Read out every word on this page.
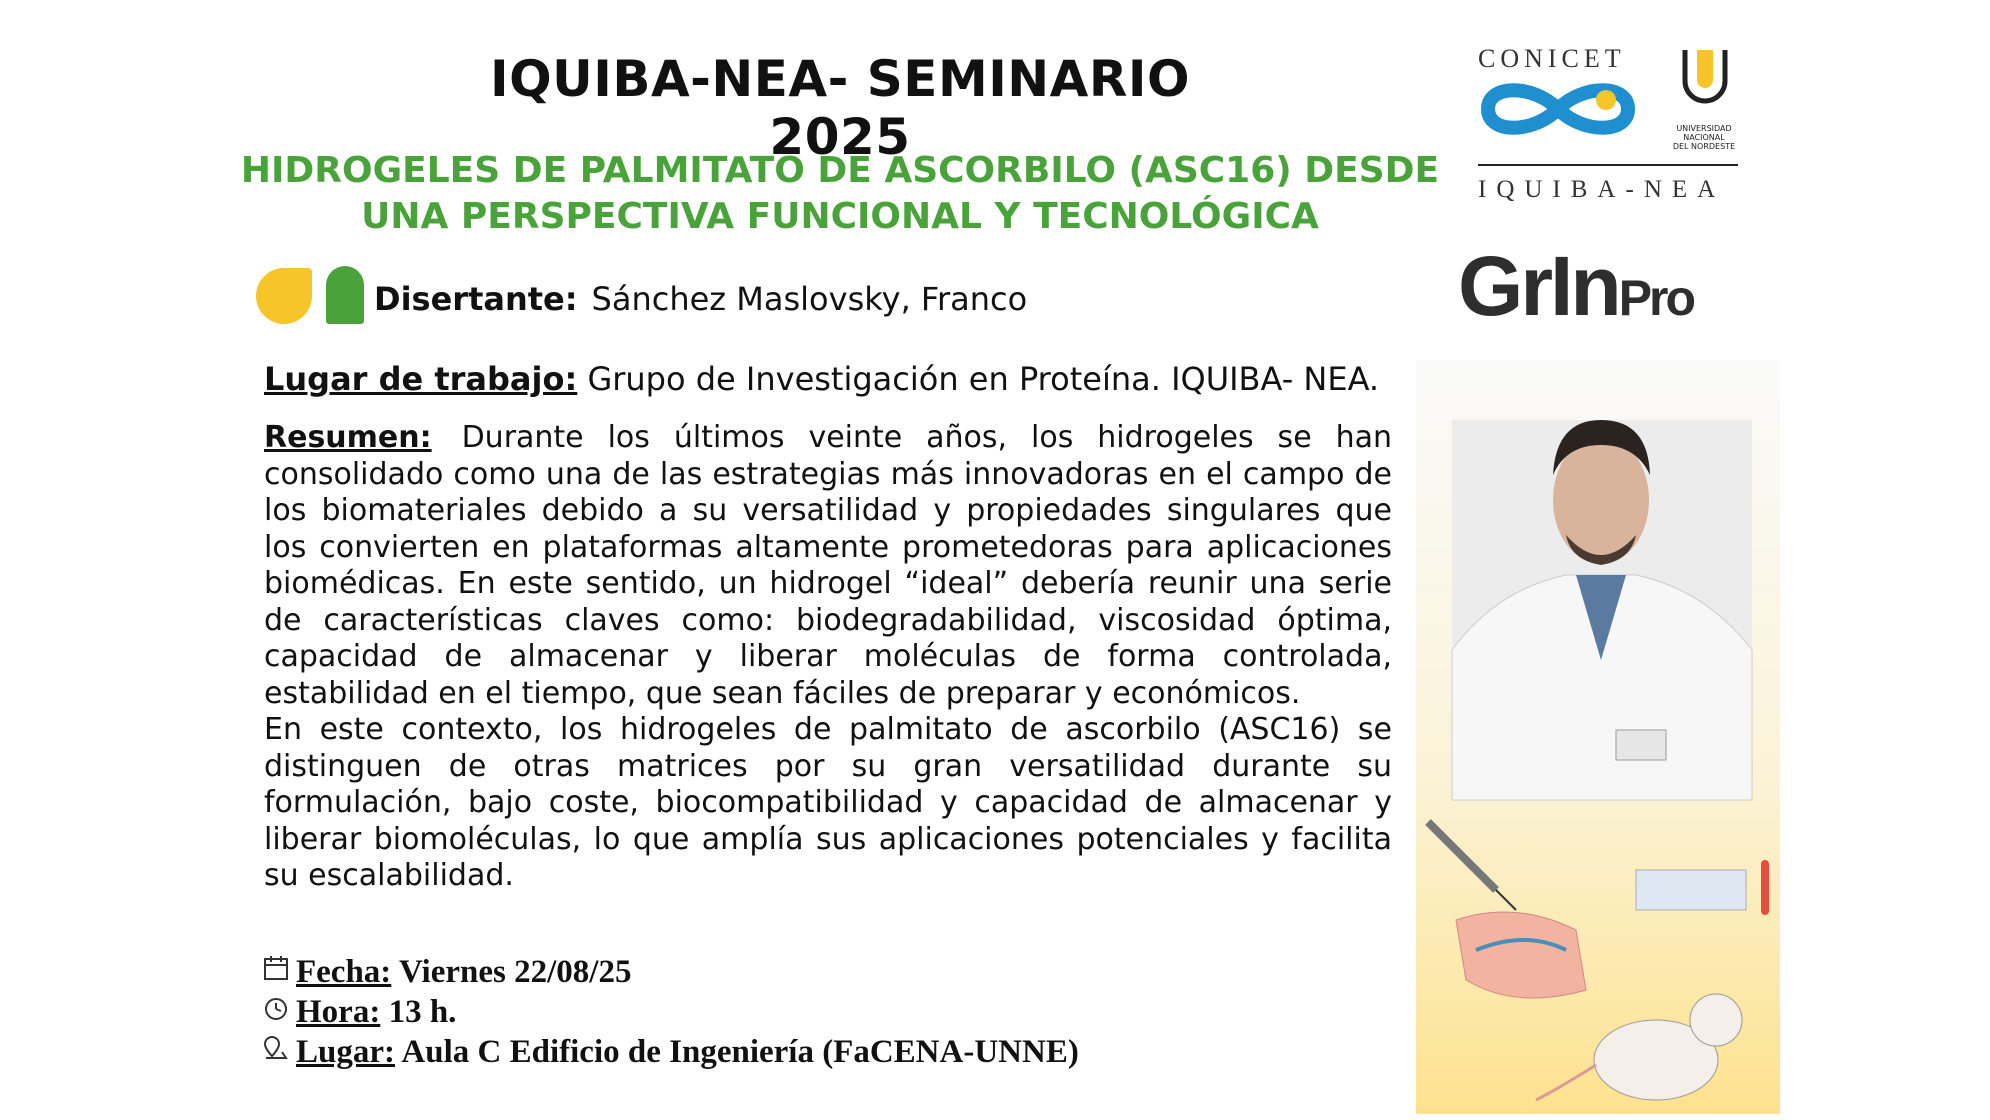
IQUIBA-NEA- SEMINARIO 2025
HIDROGELES DE PALMITATO DE ASCORBILO (ASC16) DESDE
UNA PERSPECTIVA FUNCIONAL Y TECNOLÓGICA
Disertante: Sánchez Maslovsky, Franco
Lugar de trabajo: Grupo de Investigación en Proteína. IQUIBA- NEA.

Resumen: Durante los últimos veinte años, los hidrogeles se han consolidado como una de las estrategias más innovadoras en el campo de los biomateriales debido a su versatilidad y propiedades singulares que los convierten en plataformas altamente prometedoras para aplicaciones biomédicas. En este sentido, un hidrogel “ideal” debería reunir una serie de características claves como: biodegradabilidad, viscosidad óptima, capacidad de almacenar y liberar moléculas de forma controlada, estabilidad en el tiempo, que sean fáciles de preparar y económicos.

En este contexto, los hidrogeles de palmitato de ascorbilo (ASC16) se distinguen de otras matrices por su gran versatilidad durante su formulación, bajo coste, biocompatibilidad y capacidad de almacenar y liberar biomoléculas, lo que amplía sus aplicaciones potenciales y facilita su escalabilidad.

Fecha: Viernes 22/08/25
Hora: 13 h.
Lugar: Aula C Edificio de Ingeniería (FaCENA-UNNE)
CONICET
UNIVERSIDAD
NACIONAL
DEL NORDESTE
IQUIBA-NEA
GrInPro
